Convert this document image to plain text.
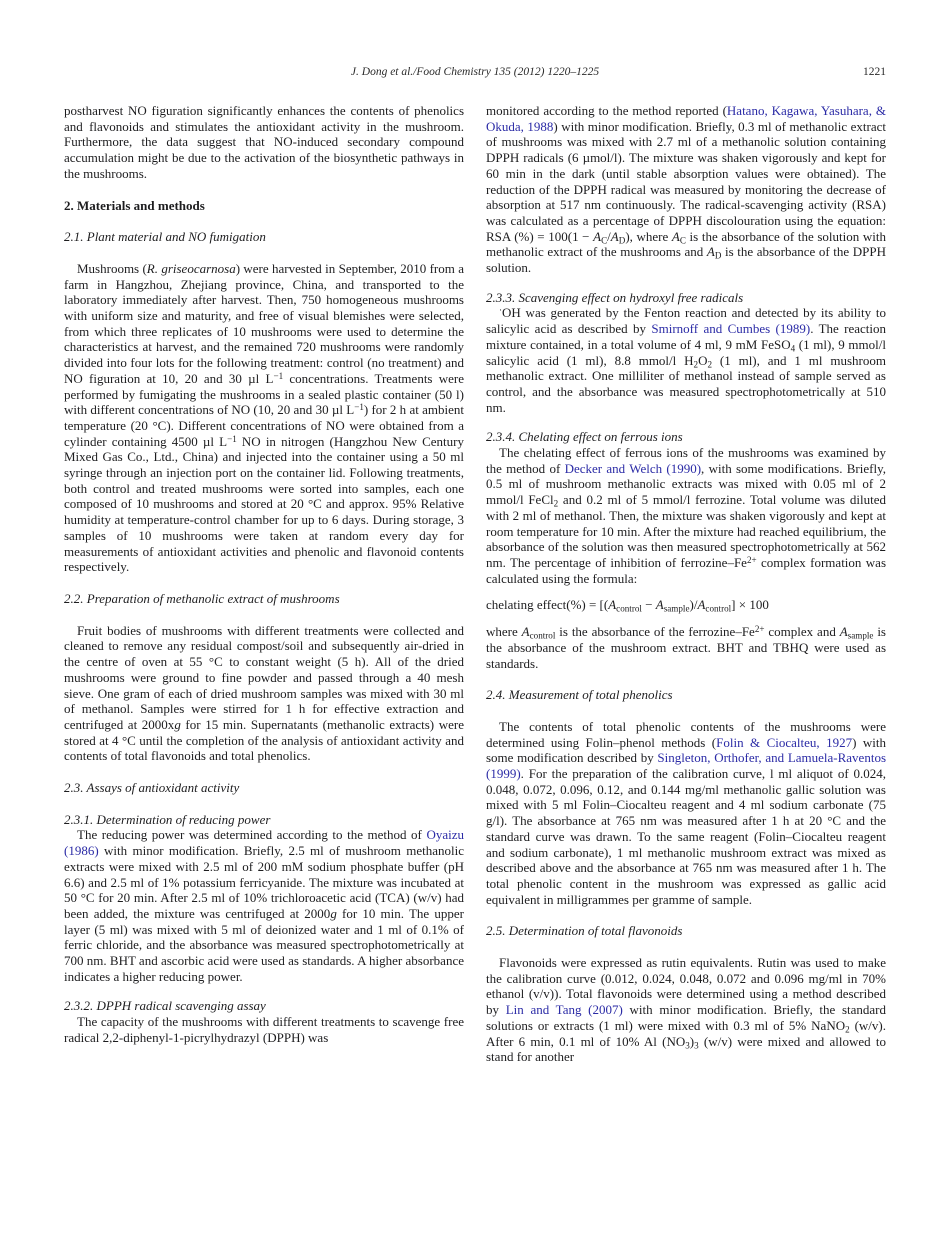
J. Dong et al./Food Chemistry 135 (2012) 1220–1225	1221
postharvest NO figuration significantly enhances the contents of phenolics and flavonoids and stimulates the antioxidant activity in the mushroom. Furthermore, the data suggest that NO-induced secondary compound accumulation might be due to the activation of the biosynthetic pathways in the mushrooms.
2. Materials and methods
2.1. Plant material and NO fumigation
Mushrooms (R. griseocarnosa) were harvested in September, 2010 from a farm in Hangzhou, Zhejiang province, China, and transported to the laboratory immediately after harvest. Then, 750 homogeneous mushrooms with uniform size and maturity, and free of visual blemishes were selected, from which three replicates of 10 mushrooms were used to determine the characteristics at harvest, and the remained 720 mushrooms were randomly divided into four lots for the following treatment: control (no treatment) and NO figuration at 10, 20 and 30 µl $L^{-1}$ concentrations. Treatments were performed by fumigating the mushrooms in a sealed plastic container (50 l) with different concentrations of NO (10, 20 and 30 µl $L^{-1}$) for 2 h at ambient temperature (20 °C). Different concentrations of NO were obtained from a cylinder containing 4500 µl $L^{-1}$ NO in nitrogen (Hangzhou New Century Mixed Gas Co., Ltd., China) and injected into the container using a 50 ml syringe through an injection port on the container lid. Following treatments, both control and treated mushrooms were sorted into samples, each one composed of 10 mushrooms and stored at 20 °C and approx. 95% Relative humidity at temperature-control chamber for up to 6 days. During storage, 3 samples of 10 mushrooms were taken at random every day for measurements of antioxidant activities and phenolic and flavonoid contents respectively.
2.2. Preparation of methanolic extract of mushrooms
Fruit bodies of mushrooms with different treatments were collected and cleaned to remove any residual compost/soil and subsequently air-dried in the centre of oven at 55 °C to constant weight (5 h). All of the dried mushrooms were ground to fine powder and passed through a 40 mesh sieve. One gram of each of dried mushroom samples was mixed with 30 ml of methanol. Samples were stirred for 1 h for effective extraction and centrifuged at 2000xg for 15 min. Supernatants (methanolic extracts) were stored at 4 °C until the completion of the analysis of antioxidant activity and contents of total flavonoids and total phenolics.
2.3. Assays of antioxidant activity
2.3.1. Determination of reducing power
The reducing power was determined according to the method of Oyaizu (1986) with minor modification. Briefly, 2.5 ml of mushroom methanolic extracts were mixed with 2.5 ml of 200 mM sodium phosphate buffer (pH 6.6) and 2.5 ml of 1% potassium ferricyanide. The mixture was incubated at 50 °C for 20 min. After 2.5 ml of 10% trichloroacetic acid (TCA) (w/v) had been added, the mixture was centrifuged at 2000g for 10 min. The upper layer (5 ml) was mixed with 5 ml of deionized water and 1 ml of 0.1% of ferric chloride, and the absorbance was measured spectrophotometrically at 700 nm. BHT and ascorbic acid were used as standards. A higher absorbance indicates a higher reducing power.
2.3.2. DPPH radical scavenging assay
The capacity of the mushrooms with different treatments to scavenge free radical 2,2-diphenyl-1-picrylhydrazyl (DPPH) was
monitored according to the method reported (Hatano, Kagawa, Yasuhara, & Okuda, 1988) with minor modification. Briefly, 0.3 ml of methanolic extract of mushrooms was mixed with 2.7 ml of a methanolic solution containing DPPH radicals (6 µmol/l). The mixture was shaken vigorously and kept for 60 min in the dark (until stable absorption values were obtained). The reduction of the DPPH radical was measured by monitoring the decrease of absorption at 517 nm continuously. The radical-scavenging activity (RSA) was calculated as a percentage of DPPH discolouration using the equation: RSA (%) = $100(1 - A_C/A_D)$, where $A_C$ is the absorbance of the solution with methanolic extract of the mushrooms and $A_D$ is the absorbance of the DPPH solution.
2.3.3. Scavenging effect on hydroxyl free radicals
·OH was generated by the Fenton reaction and detected by its ability to salicylic acid as described by Smirnoff and Cumbes (1989). The reaction mixture contained, in a total volume of 4 ml, 9 mM FeSO$_4$ (1 ml), 9 mmol/l salicylic acid (1 ml), 8.8 mmol/l $H_2O_2$ (1 ml), and 1 ml mushroom methanolic extract. One milliliter of methanol instead of sample served as control, and the absorbance was measured spectrophotometrically at 510 nm.
2.3.4. Chelating effect on ferrous ions
The chelating effect of ferrous ions of the mushrooms was examined by the method of Decker and Welch (1990), with some modifications. Briefly, 0.5 ml of mushroom methanolic extracts was mixed with 0.05 ml of 2 mmol/l FeCl$_2$ and 0.2 ml of 5 mmol/l ferrozine. Total volume was diluted with 2 ml of methanol. Then, the mixture was shaken vigorously and kept at room temperature for 10 min. After the mixture had reached equilibrium, the absorbance of the solution was then measured spectrophotometrically at 562 nm. The percentage of inhibition of ferrozine–$Fe^{2+}$ complex formation was calculated using the formula:
chelating effect(%) = $[(A_{control} - A_{sample})/A_{control}] \times 100$
where $A_{control}$ is the absorbance of the ferrozine–$Fe^{2+}$ complex and $A_{sample}$ is the absorbance of the mushroom extract. BHT and TBHQ were used as standards.
2.4. Measurement of total phenolics
The contents of total phenolic contents of the mushrooms were determined using Folin–phenol methods (Folin & Ciocalteu, 1927) with some modification described by Singleton, Orthofer, and Lamuela-Raventos (1999). For the preparation of the calibration curve, l ml aliquot of 0.024, 0.048, 0.072, 0.096, 0.12, and 0.144 mg/ml methanolic gallic solution was mixed with 5 ml Folin–Ciocalteu reagent and 4 ml sodium carbonate (75 g/l). The absorbance at 765 nm was measured after 1 h at 20 °C and the standard curve was drawn. To the same reagent (Folin–Ciocalteu reagent and sodium carbonate), 1 ml methanolic mushroom extract was mixed as described above and the absorbance at 765 nm was measured after 1 h. The total phenolic content in the mushroom was expressed as gallic acid equivalent in milligrammes per gramme of sample.
2.5. Determination of total flavonoids
Flavonoids were expressed as rutin equivalents. Rutin was used to make the calibration curve (0.012, 0.024, 0.048, 0.072 and 0.096 mg/ml in 70% ethanol (v/v)). Total flavonoids were determined using a method described by Lin and Tang (2007) with minor modification. Briefly, the standard solutions or extracts (1 ml) were mixed with 0.3 ml of 5% NaNO$_2$ (w/v). After 6 min, 0.1 ml of 10% Al $(NO_3)_3$ (w/v) were mixed and allowed to stand for another
